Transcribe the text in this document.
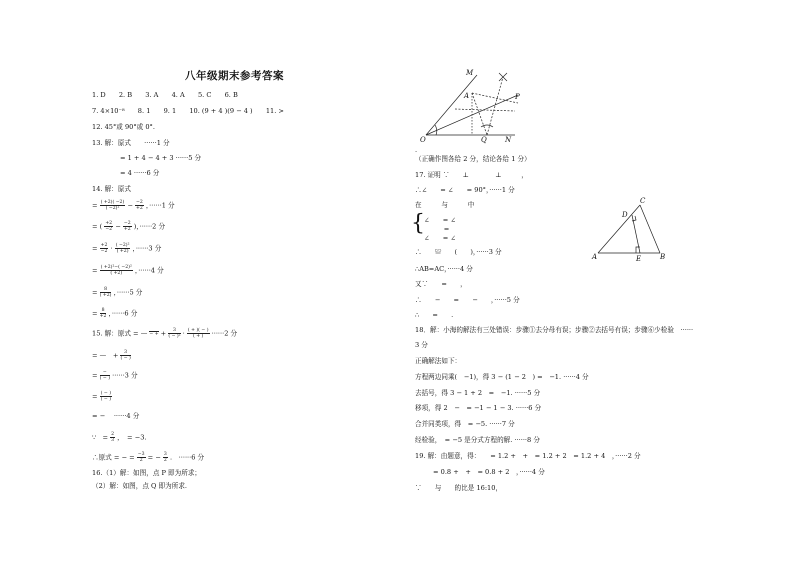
八年级期末参考答案
1. D　　2. B　　3. A　　4. A　　5. C　　6. B
7. 4×10⁻⁸　　8. 1　　9. 1　　10. (9 + 4 )(9 − 4 )　　11. >
12. 45°或 90°或 0°.
13. 解：原式　　······1 分
= 1 + 4 − 4 + 3 ······5 分
= 4 ······6 分
14. 解：原式
= $\frac{( +2)( -2)}{\text{( −2)²}} - \frac{-2}{+2}$ ，······1 分
= ( $\frac{+2}{-2} - \frac{-2}{+2}$ )，······2 分
= $\frac{+2}{-2} \cdot \frac{\text{( −2)²}}{( +2)}$ ，······3 分
= $\frac{\text{( +2)²−( −2)²}}{( +2)}$ ，······4 分
= $\frac{8}{( +2)}$ ，······5 分
= $\frac{8}{+2}$ ，······6 分
15. 解：原式 = — − + + $\frac{3}{\text{( − )²}} \cdot \frac{( + )( - )}{( + )} \cdot\cdot\cdot\cdot\cdot\cdot 2$ 分
= —　+ $\frac{3}{( - )}$
= $\frac{-}{( - )} \cdot\cdot\cdot\cdot\cdot\cdot 3$ 分
= $\frac{( - )}{( - )}$
= − 　······4 分
∵   = $\frac{2}{3}$ ，　= −3.
∴原式 = − = $\frac{-3}{2}$ = − $\frac{3}{2}$ .　······6 分
16.（1）解：如图，点 P 即为所求；
（2）解：如图，点 Q 即为所求.
M
A	P
O	Q	N
.
（正确作图各给 2 分，结论各给 1 分）
17. 证明 ∵　　⊥　　　　⊥　　　，
∴∠　　= ∠　　= 90°，······1 分
在　　　与　　　中
{ ∠　　= ∠
　　　=
∠　　= ∠
∴　　≌　　(　　)，······3 分
∴AB=AC，······4 分
又∵　　=　　，
∴　　−　　=　　−　　，······5 分
∴　　=　　.
18．解：小海的解法有三处错误：步骤①去分母有误；步骤②去括号有误；步骤⑥少检验　······
3 分
正确解法如下：
方程两边同乘(　−1)，得 3 − (1 − 2　) =　−1. ······4 分
去括号，得 3 − 1 + 2　=　−1. ······5 分
移项，得 2　−　= −1 − 1 − 3. ······6 分
合并同类项，得　= −5. ······7 分
经检验，　= −5 是分式方程的解. ······8 分
19. 解：由题意，得：　　= 1.2 +　+　= 1.2 + 2　= 1.2 + 4　，······2 分
= 0.8 +　+　= 0.8 + 2　，······4 分
∵　　与　　的比是 16:10，
C
D
A	E	B
